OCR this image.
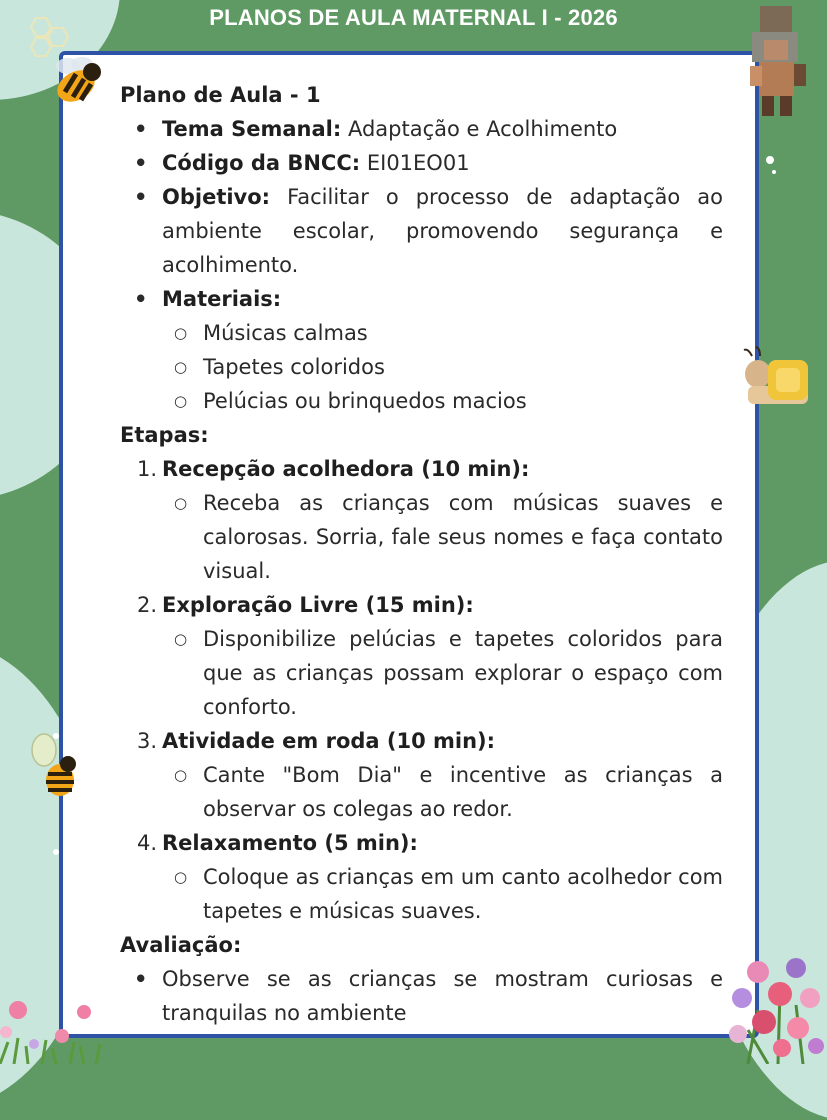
PLANOS DE AULA MATERNAL I - 2026
Plano de Aula - 1
• Tema Semanal: Adaptação e Acolhimento
• Código da BNCC: EI01EO01
• Objetivo: Facilitar o processo de adaptação ao ambiente escolar, promovendo segurança e acolhimento.
• Materiais:
○ Músicas calmas
○ Tapetes coloridos
○ Pelúcias ou brinquedos macios
Etapas:
1. Recepção acolhedora (10 min):
○ Receba as crianças com músicas suaves e calorosas. Sorria, fale seus nomes e faça contato visual.
2. Exploração Livre (15 min):
○ Disponibilize pelúcias e tapetes coloridos para que as crianças possam explorar o espaço com conforto.
3. Atividade em roda (10 min):
○ Cante "Bom Dia" e incentive as crianças a observar os colegas ao redor.
4. Relaxamento (5 min):
○ Coloque as crianças em um canto acolhedor com tapetes e músicas suaves.
Avaliação:
• Observe se as crianças se mostram curiosas e tranquilas no ambiente
